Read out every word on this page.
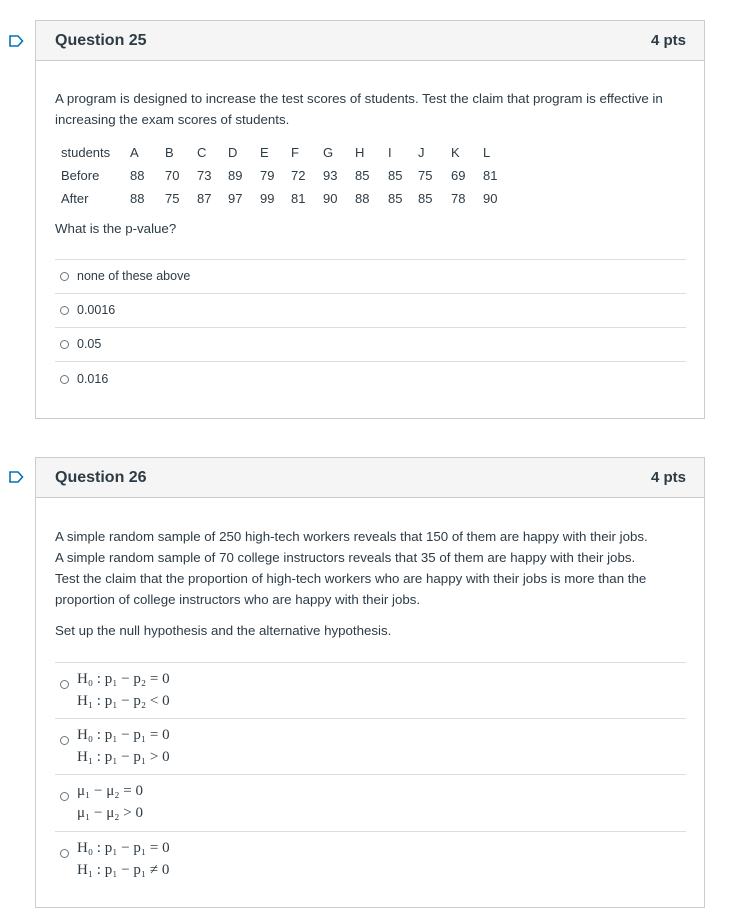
Question 25	4 pts

A program is designed to increase the test scores of students. Test the claim that program is effective in increasing the exam scores of students.

students	A	B	C	D	E	F	G	H	I	J	K	L
Before	88	70	73	89	79	72	93	85	85	75	69	81
After	88	75	87	97	99	81	90	88	85	85	78	90

What is the p-value?

none of these above
0.0016
0.05
0.016
Question 26	4 pts
A simple random sample of 250 high-tech workers reveals that 150 of them are happy with their jobs.
A simple random sample of 70 college instructors reveals that 35 of them are happy with their jobs.
Test the claim that the proportion of high-tech workers who are happy with their jobs is more than the
proportion of college instructors who are happy with their jobs.

Set up the null hypothesis and the alternative hypothesis.

H₀ : p₁ − p₂ = 0
H₁ : p₁ − p₂ < 0
H₀ : p₁ − p₁ = 0
H₁ : p₁ − p₁ > 0
μ₁ − μ₂ = 0
μ₁ − μ₂ > 0
H₀ : p₁ − p₁ = 0
H₁ : p₁ − p₁ ≠ 0
